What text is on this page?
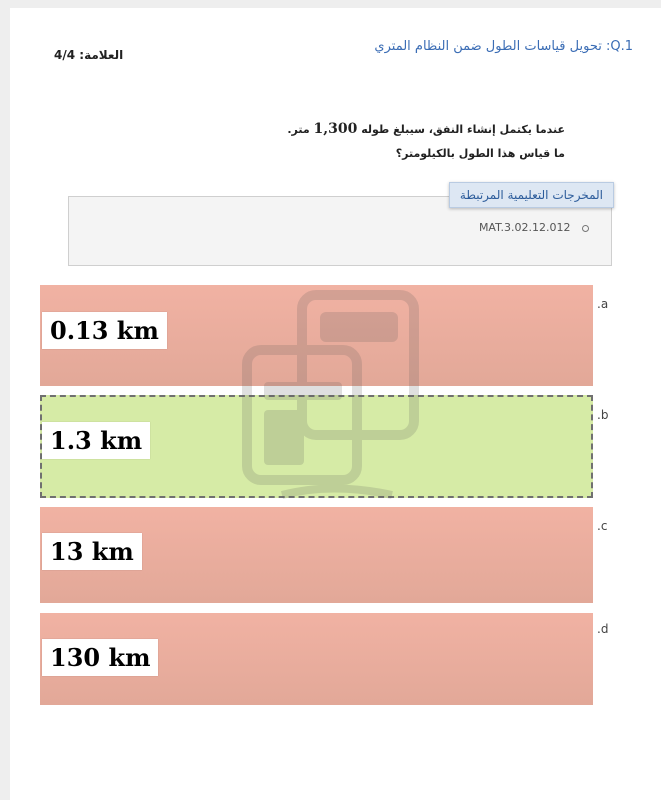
Q.1: تحويل قياسات الطول ضمن النظام المتري
العلامة: 4/4
عندما يكتمل إنشاء النفق، سيبلغ طوله 1,300 متر.
ما قياس هذا الطول بالكيلومتر؟
المخرجات التعليمية المرتبطة
MAT.3.02.12.012
0.13 km
.a
1.3 km
.b
13 km
.c
130 km
.d
